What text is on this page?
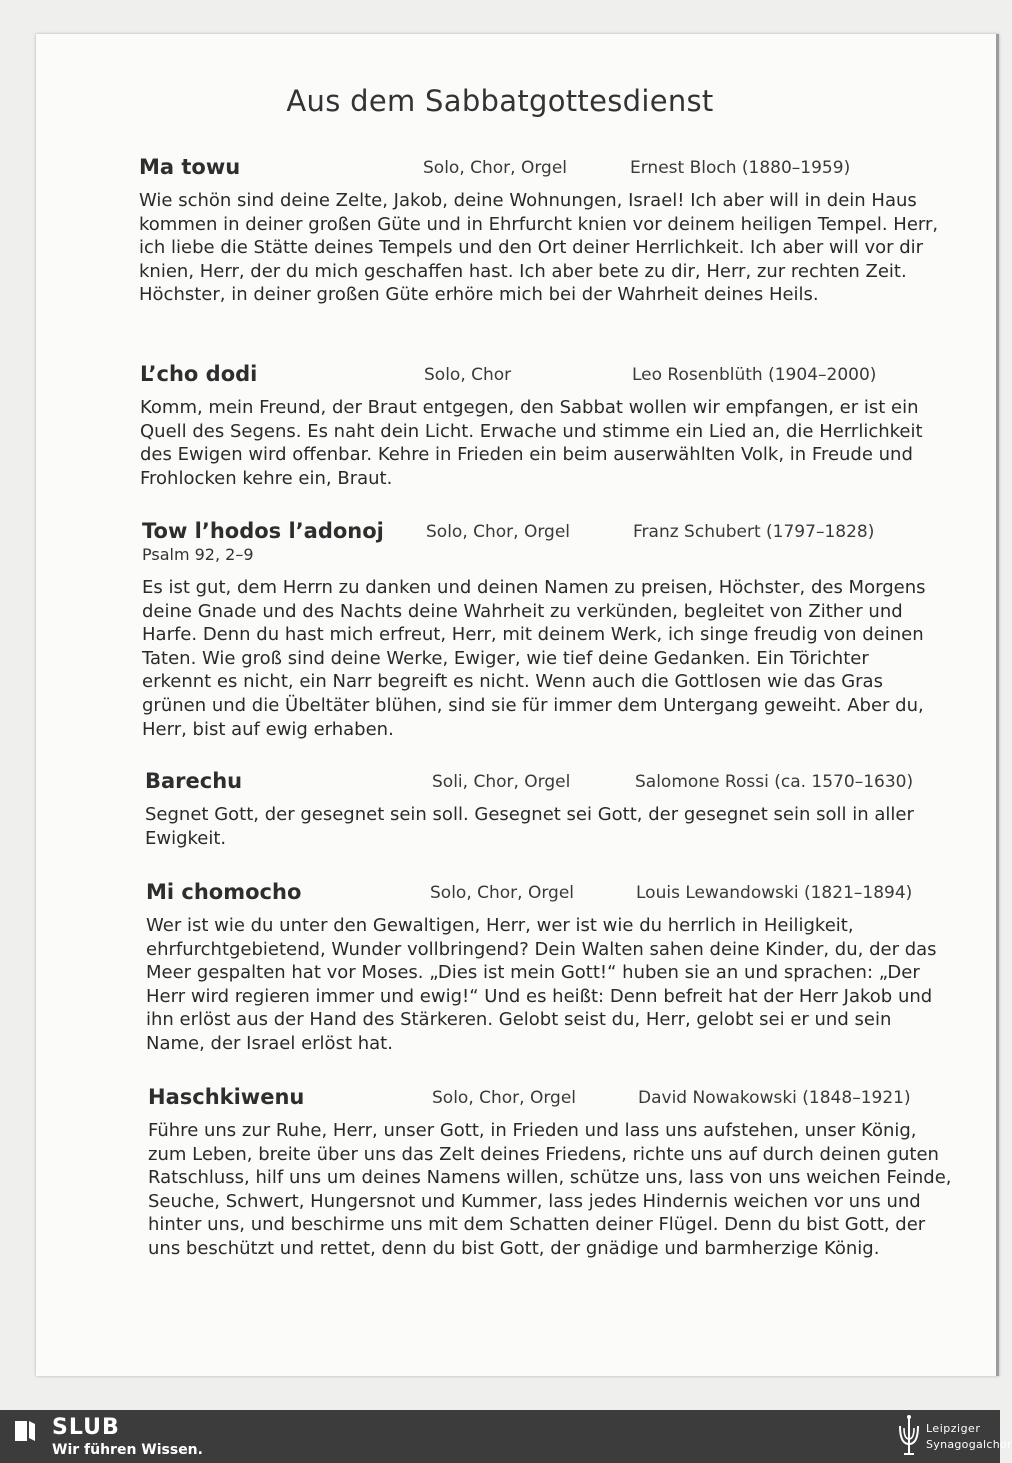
Aus dem Sabbatgottesdienst
Ma towu	Solo, Chor, Orgel	Ernest Bloch (1880–1959)

Wie schön sind deine Zelte, Jakob, deine Wohnungen, Israel! Ich aber will in dein Haus kommen in deiner großen Güte und in Ehrfurcht knien vor deinem heiligen Tempel. Herr, ich liebe die Stätte deines Tempels und den Ort deiner Herrlichkeit. Ich aber will vor dir knien, Herr, der du mich geschaffen hast. Ich aber bete zu dir, Herr, zur rechten Zeit. Höchster, in deiner großen Güte erhöre mich bei der Wahrheit deines Heils.

L’cho dodi	Solo, Chor	Leo Rosenblüth (1904–2000)

Komm, mein Freund, der Braut entgegen, den Sabbat wollen wir empfangen, er ist ein Quell des Segens. Es naht dein Licht. Erwache und stimme ein Lied an, die Herrlichkeit des Ewigen wird offenbar. Kehre in Frieden ein beim auserwählten Volk, in Freude und Frohlocken kehre ein, Braut.

Tow l’hodos l’adonoj Solo, Chor, Orgel	Franz Schubert (1797–1828)

Psalm 92, 2–9

Es ist gut, dem Herrn zu danken und deinen Namen zu preisen, Höchster, des Morgens deine Gnade und des Nachts deine Wahrheit zu verkünden, begleitet von Zither und Harfe. Denn du hast mich erfreut, Herr, mit deinem Werk, ich singe freudig von deinen Taten. Wie groß sind deine Werke, Ewiger, wie tief deine Gedanken. Ein Törichter erkennt es nicht, ein Narr begreift es nicht. Wenn auch die Gottlosen wie das Gras grünen und die Übeltäter blühen, sind sie für immer dem Untergang geweiht. Aber du, Herr, bist auf ewig erhaben.

Barechu	Soli, Chor, Orgel	Salomone Rossi (ca. 1570–1630)

Segnet Gott, der gesegnet sein soll. Gesegnet sei Gott, der gesegnet sein soll in aller Ewigkeit.

Mi chomocho	Solo, Chor, Orgel	Louis Lewandowski (1821–1894)

Wer ist wie du unter den Gewaltigen, Herr, wer ist wie du herrlich in Heiligkeit, ehrfurchtgebietend, Wunder vollbringend? Dein Walten sahen deine Kinder, du, der das Meer gespalten hat vor Moses. „Dies ist mein Gott!“ huben sie an und sprachen: „Der Herr wird regieren immer und ewig!“ Und es heißt: Denn befreit hat der Herr Jakob und ihn erlöst aus der Hand des Stärkeren. Gelobt seist du, Herr, gelobt sei er und sein Name, der Israel erlöst hat.

Haschkiwenu	Solo, Chor, Orgel	David Nowakowski (1848–1921)

Führe uns zur Ruhe, Herr, unser Gott, in Frieden und lass uns aufstehen, unser König, zum Leben, breite über uns das Zelt deines Friedens, richte uns auf durch deinen guten Ratschluss, hilf uns um deines Namens willen, schütze uns, lass von uns weichen Feinde, Seuche, Schwert, Hungersnot und Kummer, lass jedes Hindernis weichen vor uns und hinter uns, und beschirme uns mit dem Schatten deiner Flügel. Denn du bist Gott, der uns beschützt und rettet, denn du bist Gott, der gnädige und barmherzige König.

SLUB
Wir führen Wissen.
Leipziger
Synagogalchor
